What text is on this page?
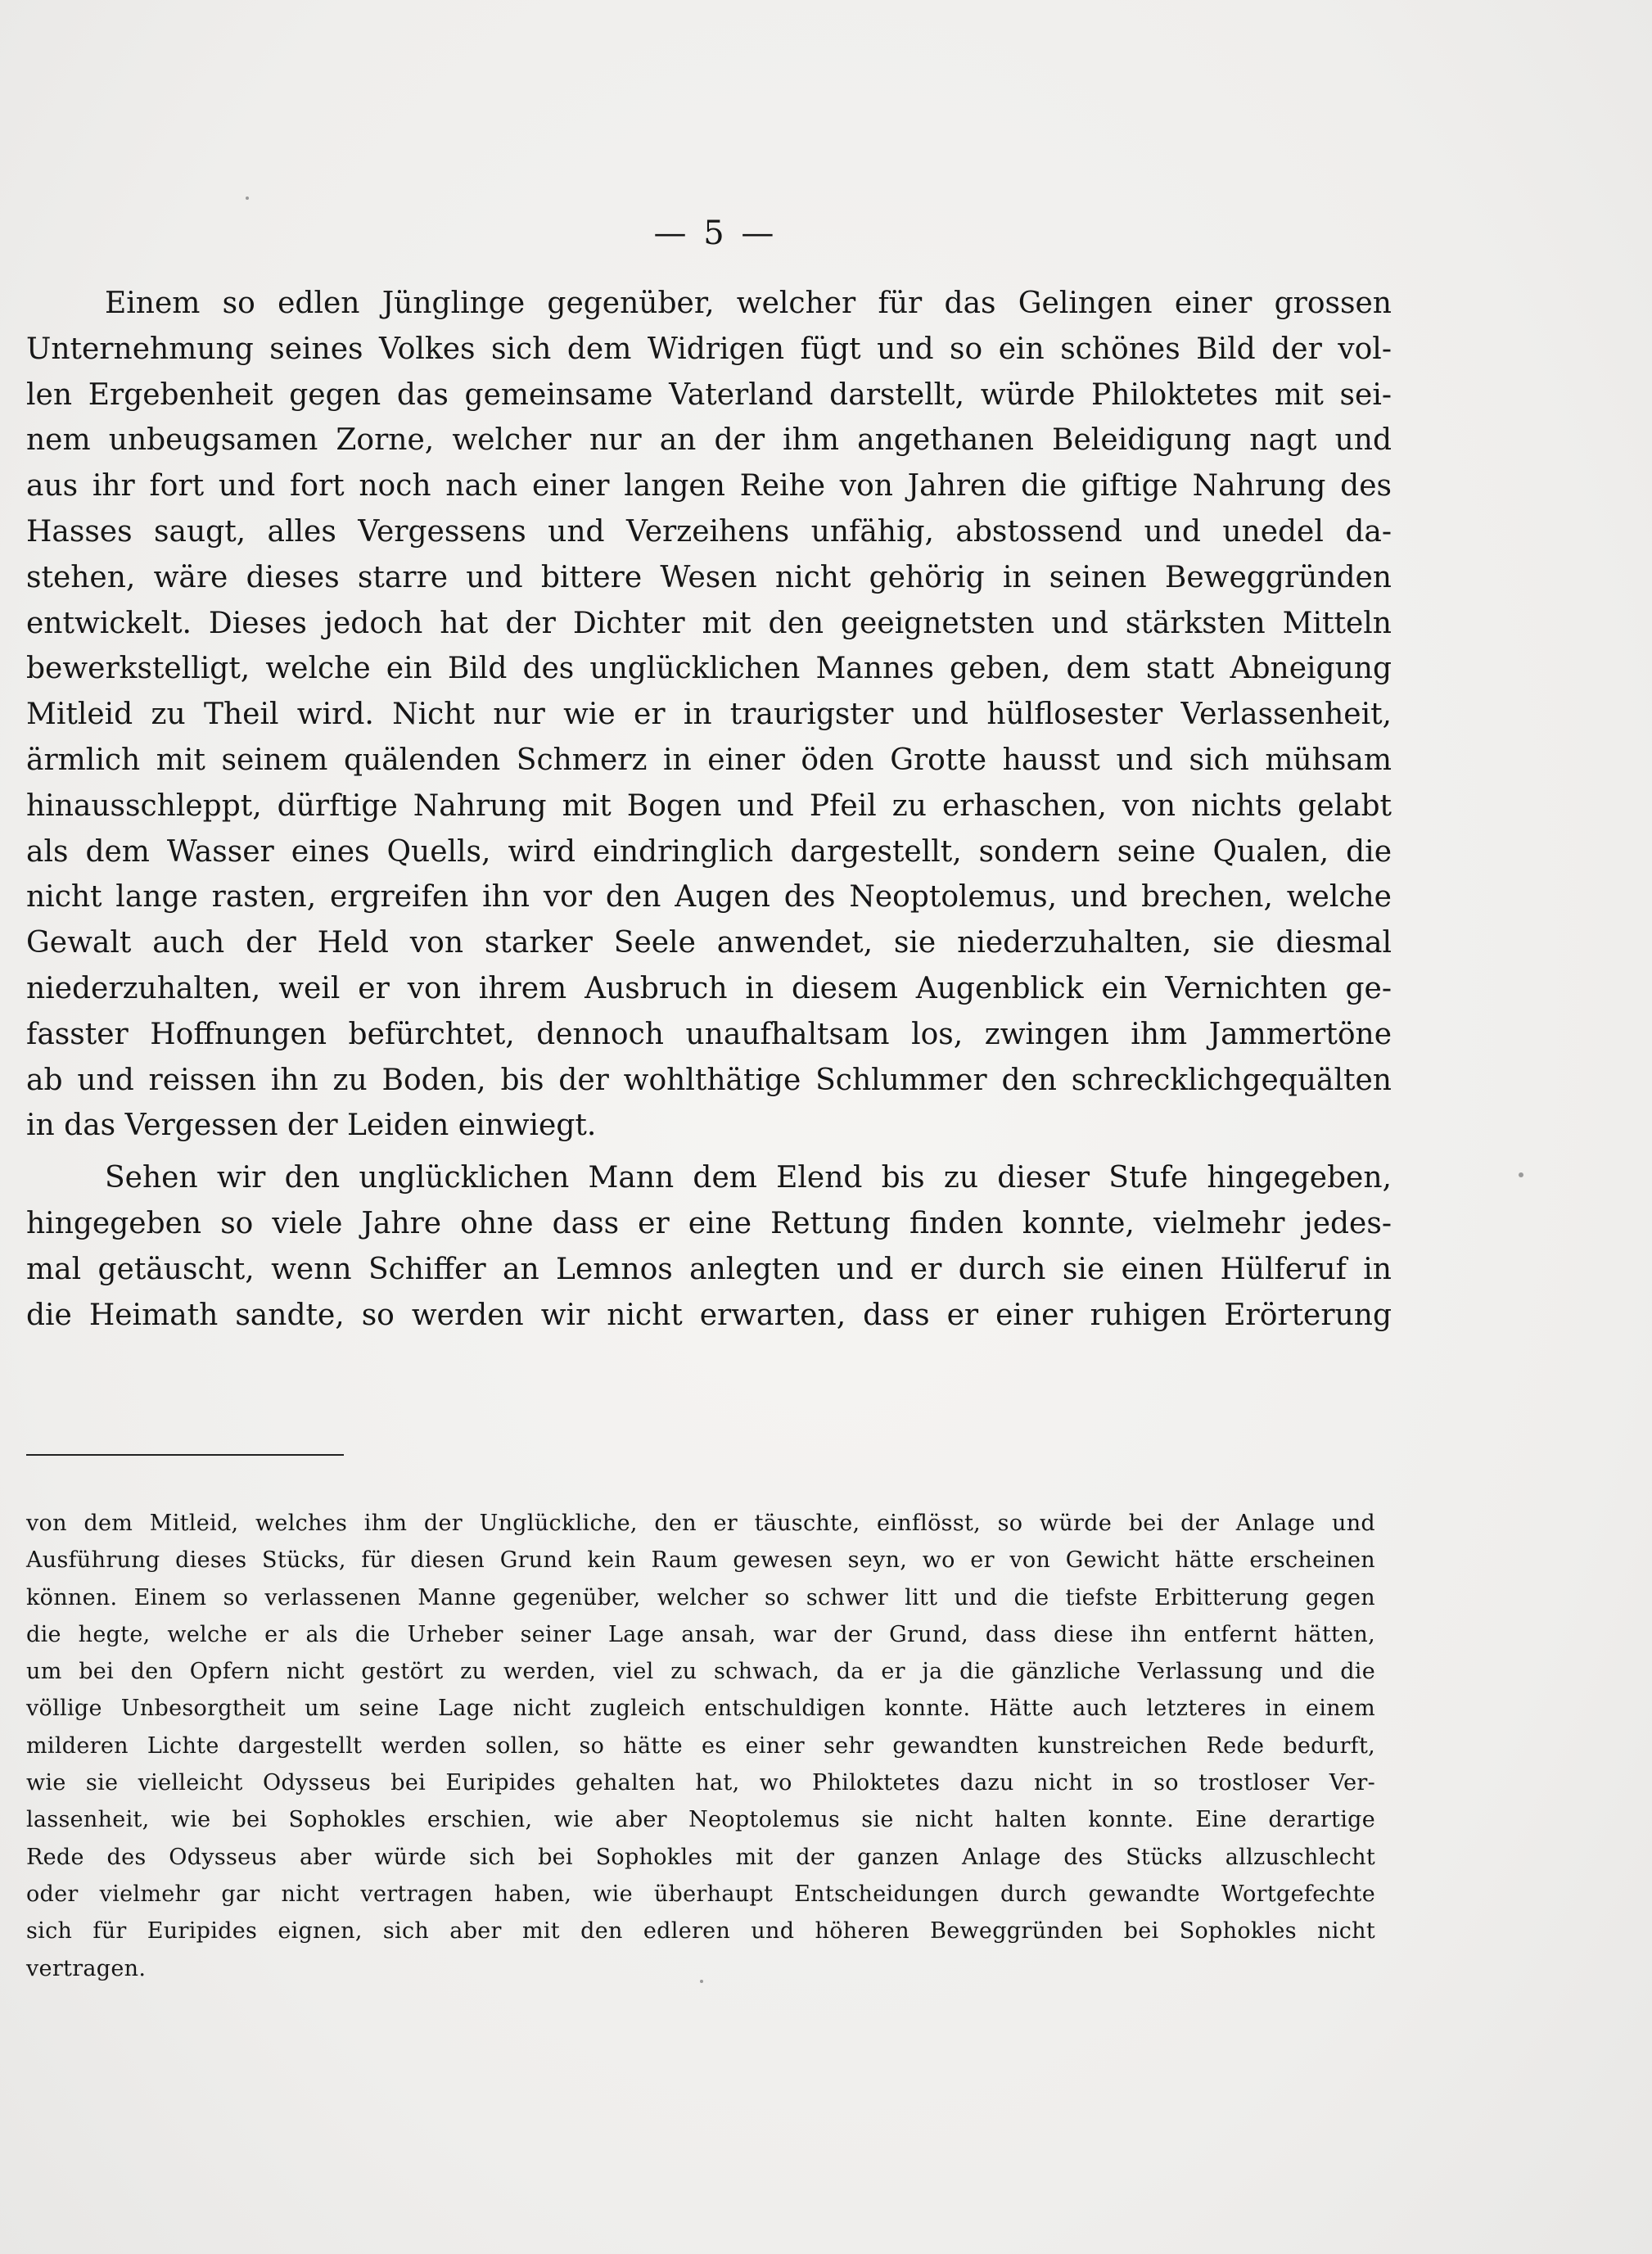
— 5 —
Einem so edlen Jünglinge gegenüber, welcher für das Gelingen einer grossen
Unternehmung seines Volkes sich dem Widrigen fügt und so ein schönes Bild der vol-
len Ergebenheit gegen das gemeinsame Vaterland darstellt, würde Philoktetes mit sei-
nem unbeugsamen Zorne, welcher nur an der ihm angethanen Beleidigung nagt und
aus ihr fort und fort noch nach einer langen Reihe von Jahren die giftige Nahrung des
Hasses saugt, alles Vergessens und Verzeihens unfähig, abstossend und unedel da-
stehen, wäre dieses starre und bittere Wesen nicht gehörig in seinen Beweggründen
entwickelt. Dieses jedoch hat der Dichter mit den geeignetsten und stärksten Mitteln
bewerkstelligt, welche ein Bild des unglücklichen Mannes geben, dem statt Abneigung
Mitleid zu Theil wird. Nicht nur wie er in traurigster und hülflosester Verlassenheit,
ärmlich mit seinem quälenden Schmerz in einer öden Grotte hausst und sich mühsam
hinausschleppt, dürftige Nahrung mit Bogen und Pfeil zu erhaschen, von nichts gelabt
als dem Wasser eines Quells, wird eindringlich dargestellt, sondern seine Qualen, die
nicht lange rasten, ergreifen ihn vor den Augen des Neoptolemus, und brechen, welche
Gewalt auch der Held von starker Seele anwendet, sie niederzuhalten, sie diesmal
niederzuhalten, weil er von ihrem Ausbruch in diesem Augenblick ein Vernichten ge-
fasster Hoffnungen befürchtet, dennoch unaufhaltsam los, zwingen ihm Jammertöne
ab und reissen ihn zu Boden, bis der wohlthätige Schlummer den schrecklichgequälten
in das Vergessen der Leiden einwiegt.
Sehen wir den unglücklichen Mann dem Elend bis zu dieser Stufe hingegeben,
hingegeben so viele Jahre ohne dass er eine Rettung finden konnte, vielmehr jedes-
mal getäuscht, wenn Schiffer an Lemnos anlegten und er durch sie einen Hülferuf in
die Heimath sandte, so werden wir nicht erwarten, dass er einer ruhigen Erörterung
von dem Mitleid, welches ihm der Unglückliche, den er täuschte, einflösst, so würde bei der Anlage und
Ausführung dieses Stücks, für diesen Grund kein Raum gewesen seyn, wo er von Gewicht hätte erscheinen
können. Einem so verlassenen Manne gegenüber, welcher so schwer litt und die tiefste Erbitterung gegen
die hegte, welche er als die Urheber seiner Lage ansah, war der Grund, dass diese ihn entfernt hätten,
um bei den Opfern nicht gestört zu werden, viel zu schwach, da er ja die gänzliche Verlassung und die
völlige Unbesorgtheit um seine Lage nicht zugleich entschuldigen konnte. Hätte auch letzteres in einem
milderen Lichte dargestellt werden sollen, so hätte es einer sehr gewandten kunstreichen Rede bedurft,
wie sie vielleicht Odysseus bei Euripides gehalten hat, wo Philoktetes dazu nicht in so trostloser Ver-
lassenheit, wie bei Sophokles erschien, wie aber Neoptolemus sie nicht halten konnte. Eine derartige
Rede des Odysseus aber würde sich bei Sophokles mit der ganzen Anlage des Stücks allzuschlecht
oder vielmehr gar nicht vertragen haben, wie überhaupt Entscheidungen durch gewandte Wortgefechte
sich für Euripides eignen, sich aber mit den edleren und höheren Beweggründen bei Sophokles nicht
vertragen.
